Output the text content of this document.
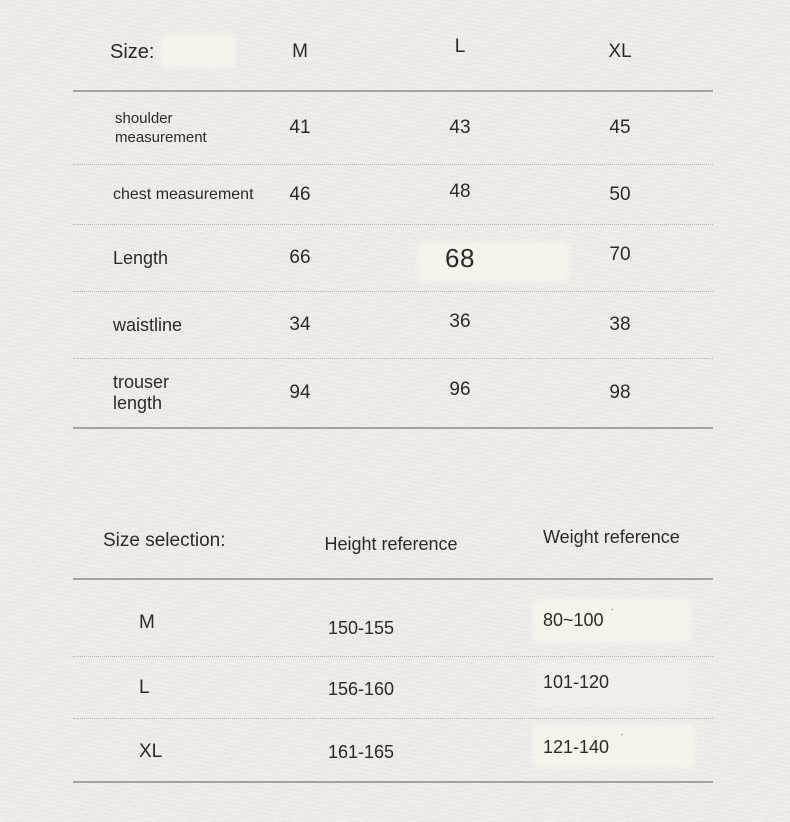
ˊ
ˊ
Size:	M	L	XL
shoulder measurement	41	43	45
chest measurement	46	48	50
Length	66	68	70
waistline	34	36	38
trouser length	94	96	98
Size selection:	Height reference	Weight reference
M	150-155	80~100
L	156-160	101-120
XL	161-165	121-140
